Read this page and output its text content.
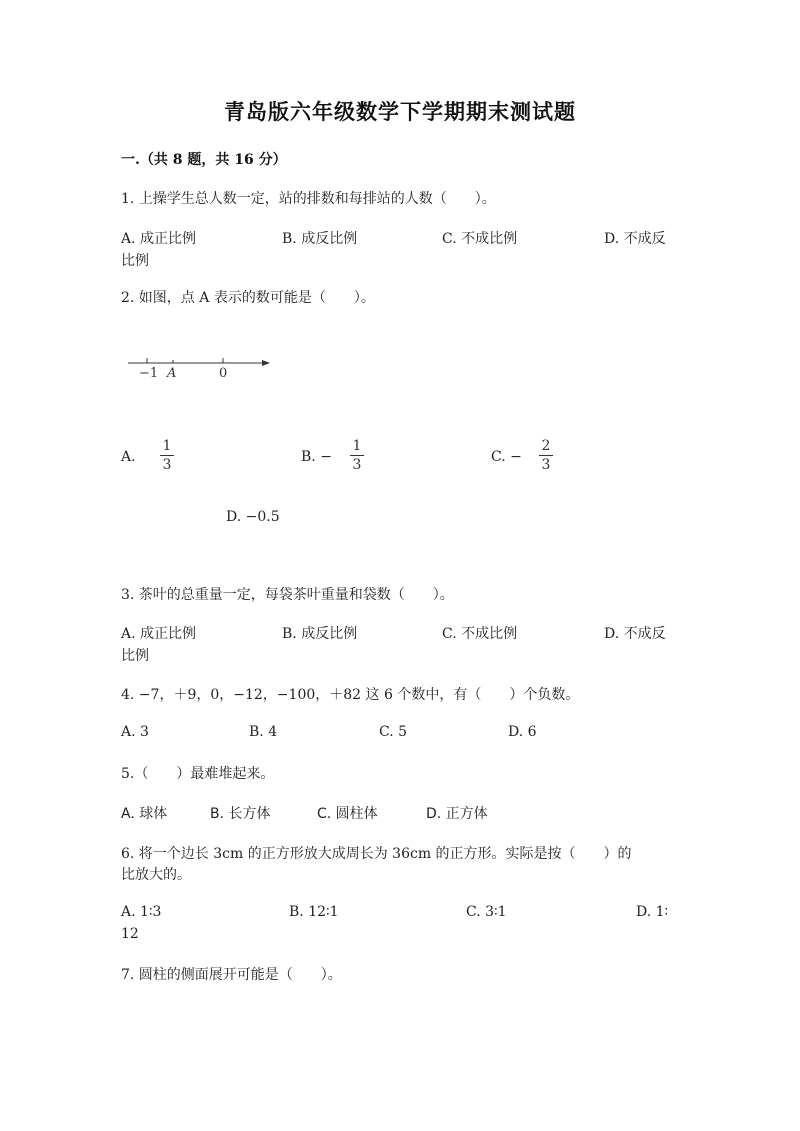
青岛版六年级数学下学期期末测试题
一.（共 8 题，共 16 分）
1. 上操学生总人数一定，站的排数和每排站的人数（　　）。
A. 成正比例	B. 成反比例	C. 不成比例	D. 不成反
比例
2. 如图，点 A 表示的数可能是（　　）。
−1 A	0
A.
1
3	B. −
1
3	C. −
2
3
D. −0.5
3. 茶叶的总重量一定，每袋茶叶重量和袋数（　　）。
A. 成正比例	B. 成反比例	C. 不成比例	D. 不成反
比例
4. −7，＋9，0，−12，−100，＋82 这 6 个数中，有（　　）个负数。
A. 3	B. 4	C. 5	D. 6
5.（　　）最难堆起来。
A. 球体	B. 长方体	C. 圆柱体	D. 正方体
6. 将一个边长 3cm 的正方形放大成周长为 36cm 的正方形。实际是按（　　）的
比放大的。
A. 1∶3	B. 12∶1	C. 3∶1	D. 1∶
12
7. 圆柱的侧面展开可能是（　　）。
